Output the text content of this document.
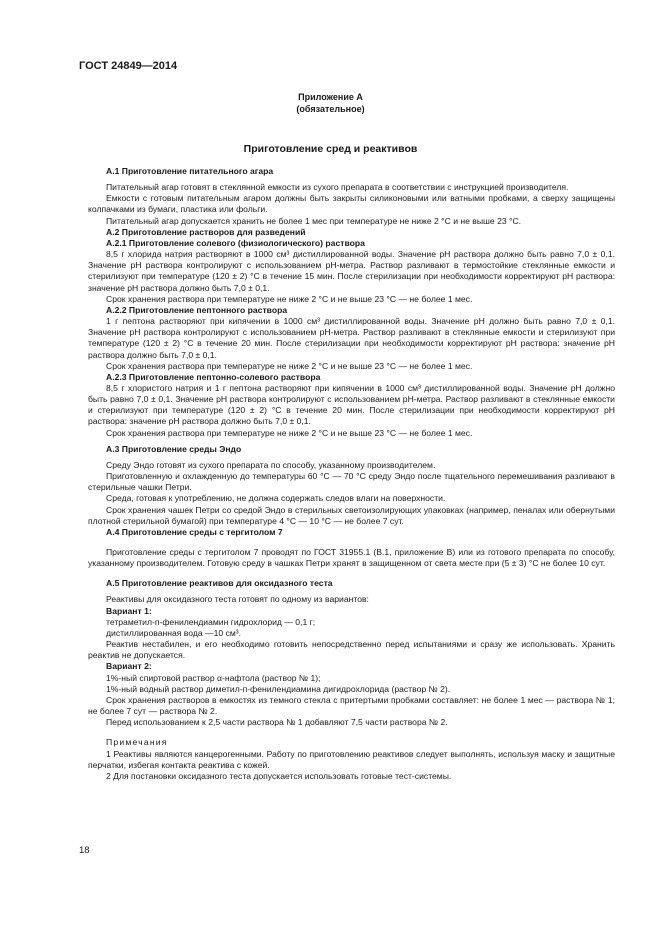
ГОСТ 24849—2014
Приложение А
(обязательное)
Приготовление сред и реактивов

А.1 Приготовление питательного агара

Питательный агар готовят в стеклянной емкости из сухого препарата в соответствии с инструкцией производителя.

Емкости с готовым питательным агаром должны быть закрыты силиконовыми или ватными пробками, а сверху защищены колпачками из бумаги, пластика или фольги.

Питательный агар допускается хранить не более 1 мес при температуре не ниже 2 °С и не выше 23 °С.

А.2 Приготовление растворов для разведений

А.2.1 Приготовление солевого (физиологического) раствора

8,5 г хлорида натрия растворяют в 1000 см³ дистиллированной воды. Значение рН раствора должно быть равно 7,0 ± 0,1. Значение рН раствора контролируют с использованием рН-метра. Раствор разливают в термостойкие стеклянные емкости и стерилизуют при температуре (120 ± 2) °С в течение 15 мин. После стерилизации при необходимости корректируют рН раствора: значение рН раствора должно быть 7,0 ± 0,1.

Срок хранения раствора при температуре не ниже 2 °С и не выше 23 °С — не более 1 мес.

А.2.2 Приготовление пептонного раствора

1 г пептона растворяют при кипячении в 1000 см³ дистиллированной воды. Значение рН должно быть равно 7,0 ± 0,1. Значение рН раствора контролируют с использованием рН-метра. Раствор разливают в стеклянные емкости и стерилизуют при температуре (120 ± 2) °С в течение 20 мин. После стерилизации при необходимости корректируют рН раствора: значение рН раствора должно быть 7,0 ± 0,1.

Срок хранения раствора при температуре не ниже 2 °С и не выше 23 °С — не более 1 мес.

А.2.3 Приготовление пептонно-солевого раствора

8,5 г хлористого натрия и 1 г пептона растворяют при кипячении в 1000 см³ дистиллированной воды. Значение рН должно быть равно 7,0 ± 0,1. Значение рН раствора контролируют с использованием рН-метра. Раствор разливают в стеклянные емкости и стерилизуют при температуре (120 ± 2) °С в течение 20 мин. После стерилизации при необходимости корректируют рН раствора: значение рН раствора должно быть 7,0 ± 0,1.

Срок хранения раствора при температуре не ниже 2 °С и не выше 23 °С — не более 1 мес.

А.3 Приготовление среды Эндо

Среду Эндо готовят из сухого препарата по способу, указанному производителем.

Приготовленную и охлажденную до температуры 60 °С — 70 °С среду Эндо после тщательного перемешивания разливают в стерильные чашки Петри.

Среда, готовая к употреблению, не должна содержать следов влаги на поверхности.

Срок хранения чашек Петри со средой Эндо в стерильных светоизолирующих упаковках (например, пеналах или обернутыми плотной стерильной бумагой) при температуре 4 °С — 10 °С — не более 7 сут.

А.4 Приготовление среды с тергитолом 7

Приготовление среды с тергитолом 7 проводят по ГОСТ 31955.1 (В.1, приложение В) или из готового препарата по способу, указанному производителем. Готовую среду в чашках Петри хранят в защищенном от света месте при (5 ± 3) °С не более 10 сут.

А.5 Приготовление реактивов для оксидазного теста

Реактивы для оксидазного теста готовят по одному из вариантов:

Вариант 1:

тетраметил-п-фенилендиамин гидрохлорид — 0,1 г;

дистиллированная вода —10 см³.

Реактив нестабилен, и его необходимо готовить непосредственно перед испытаниями и сразу же использовать. Хранить реактив не допускается.

Вариант 2:

1%-ный спиртовой раствор α-нафтола (раствор № 1);

1%-ный водный раствор диметил-п-фенилендиамина дигидрохлорида (раствор № 2).

Срок хранения растворов в емкостях из темного стекла с притертыми пробками составляет: не более 1 мес — раствора № 1; не более 7 сут — раствора № 2.

Перед использованием к 2,5 части раствора № 1 добавляют 7,5 части раствора № 2.

Примечания

1 Реактивы являются канцерогенными. Работу по приготовлению реактивов следует выполнять, используя маску и защитные перчатки, избегая контакта реактива с кожей.

2 Для постановки оксидазного теста допускается использовать готовые тест-системы.

18
